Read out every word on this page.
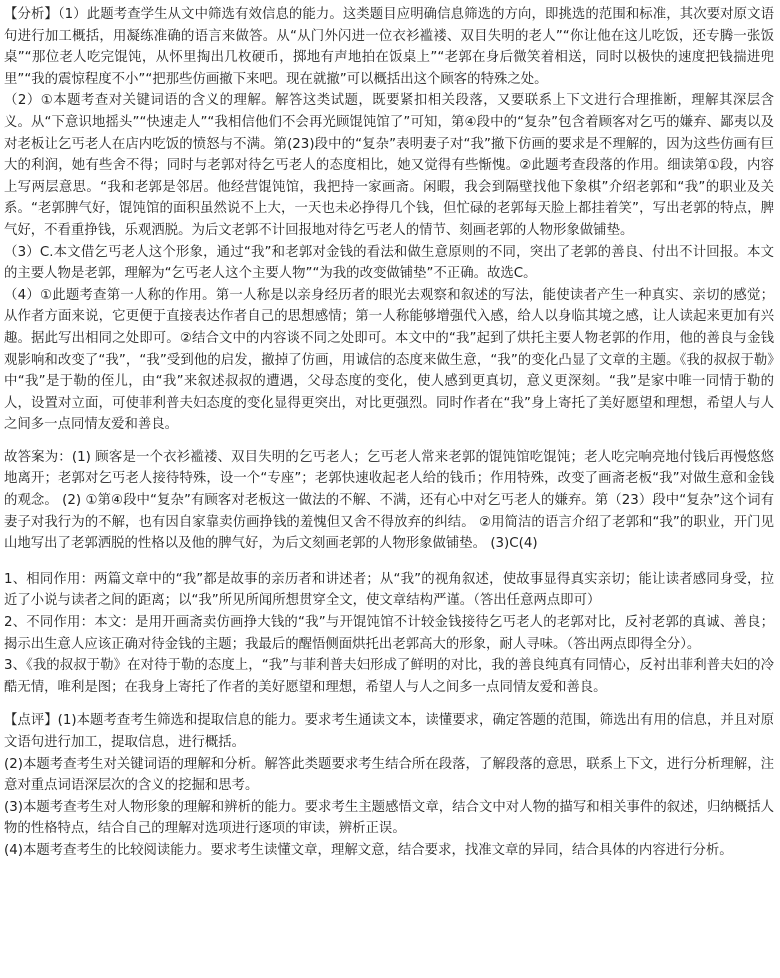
【分析】（1）此题考查学生从文中筛选有效信息的能力。这类题目应明确信息筛选的方向，即挑选的范围和标准，其次要对原文语句进行加工概括，用凝练准确的语言来做答。从“从门外闪进一位衣衫褴褛、双目失明的老人”“你让他在这儿吃饭，还专腾一张饭桌”“那位老人吃完馄饨，从怀里掏出几枚硬币，掷地有声地拍在饭桌上”“老郭在身后微笑着相送，同时以极快的速度把钱揣进兜里”“我的震惊程度不小”“把那些仿画撤下来吧。现在就撤”可以概括出这个顾客的特殊之处。

（2）①本题考查对关键词语的含义的理解。解答这类试题，既要紧扣相关段落，又要联系上下文进行合理推断，理解其深层含义。从“下意识地摇头”“快速走人”“我相信他们不会再光顾馄饨馆了”可知，第④段中的“复杂”包含着顾客对乞丐的嫌弃、鄙夷以及对老板让乞丐老人在店内吃饭的愤怒与不满。第(23)段中的“复杂”表明妻子对“我”撤下仿画的要求是不理解的，因为这些仿画有巨大的利润，她有些舍不得；同时与老郭对待乞丐老人的态度相比，她又觉得有些惭愧。②此题考查段落的作用。细读第①段，内容上写两层意思。“我和老郭是邻居。他经营馄饨馆，我把持一家画斋。闲暇，我会到隔壁找他下象棋”介绍老郭和“我”的职业及关系。“老郭脾气好，馄饨馆的面积虽然说不上大，一天也未必挣得几个钱，但忙碌的老郭每天脸上都挂着笑”，写出老郭的特点，脾气好，不看重挣钱，乐观洒脱。为后文老郭不计回报地对待乞丐老人的情节、刻画老郭的人物形象做铺垫。

（3）C.本文借乞丐老人这个形象，通过“我”和老郭对金钱的看法和做生意原则的不同，突出了老郭的善良、付出不计回报。本文的主要人物是老郭，理解为“乞丐老人这个主要人物”“为我的改变做铺垫”不正确。故选C。

（4）①此题考查第一人称的作用。第一人称是以亲身经历者的眼光去观察和叙述的写法，能使读者产生一种真实、亲切的感觉；从作者方面来说，它更便于直接表达作者自己的思想感情；第一人称能够增强代入感，给人以身临其境之感，让人读起来更加有兴趣。据此写出相同之处即可。②结合文中的内容谈不同之处即可。本文中的“我”起到了烘托主要人物老郭的作用，他的善良与金钱观影响和改变了“我”，“我”受到他的启发，撤掉了仿画，用诚信的态度来做生意，“我”的变化凸显了文章的主题。《我的叔叔于勒》中“我”是于勒的侄儿，由“我”来叙述叔叔的遭遇，父母态度的变化，使人感到更真切，意义更深刻。“我”是家中唯一同情于勒的人，设置对立面，可使菲利普夫妇态度的变化显得更突出，对比更强烈。同时作者在“我”身上寄托了美好愿望和理想，希望人与人之间多一点同情友爱和善良。

故答案为：(1) 顾客是一个衣衫褴褛、双目失明的乞丐老人；乞丐老人常来老郭的馄饨馆吃馄饨；老人吃完响亮地付钱后再慢悠悠地离开；老郭对乞丐老人接待特殊，设一个“专座”；老郭快速收起老人给的钱币；作用特殊，改变了画斋老板“我”对做生意和金钱的观念。 (2) ①第④段中“复杂”有顾客对老板这一做法的不解、不满，还有心中对乞丐老人的嫌弃。第（23）段中“复杂”这个词有妻子对我行为的不解，也有因自家靠卖仿画挣钱的羞愧但又舍不得放弃的纠结。 ②用简洁的语言介绍了老郭和“我”的职业，开门见山地写出了老郭洒脱的性格以及他的脾气好，为后文刻画老郭的人物形象做铺垫。 (3)C(4)

1、相同作用：两篇文章中的“我”都是故事的亲历者和讲述者；从“我”的视角叙述，使故事显得真实亲切；能让读者感同身受，拉近了小说与读者之间的距离；以“我”所见所闻所想贯穿全文，使文章结构严谨。（答出任意两点即可）

2、不同作用：本文：是用开画斋卖仿画挣大钱的“我”与开馄饨馆不计较金钱接待乞丐老人的老郭对比，反衬老郭的真诚、善良；揭示出生意人应该正确对待金钱的主题；我最后的醒悟侧面烘托出老郭高大的形象，耐人寻味。（答出两点即得全分）。

3、《我的叔叔于勒》在对待于勒的态度上，“我”与菲利普夫妇形成了鲜明的对比，我的善良纯真有同情心，反衬出菲利普夫妇的冷酷无情，唯利是图；在我身上寄托了作者的美好愿望和理想，希望人与人之间多一点同情友爱和善良。

【点评】(1)本题考查考生筛选和提取信息的能力。要求考生通读文本，读懂要求，确定答题的范围，筛选出有用的信息，并且对原文语句进行加工，提取信息，进行概括。

(2)本题考查考生对关键词语的理解和分析。解答此类题要求考生结合所在段落，了解段落的意思，联系上下文，进行分析理解，注意对重点词语深层次的含义的挖掘和思考。

(3)本题考查考生对人物形象的理解和辨析的能力。要求考生主题感悟文章，结合文中对人物的描写和相关事件的叙述，归纳概括人物的性格特点，结合自己的理解对选项进行逐项的审读，辨析正误。

(4)本题考查考生的比较阅读能力。要求考生读懂文章，理解文意，结合要求，找准文章的异同，结合具体的内容进行分析。
